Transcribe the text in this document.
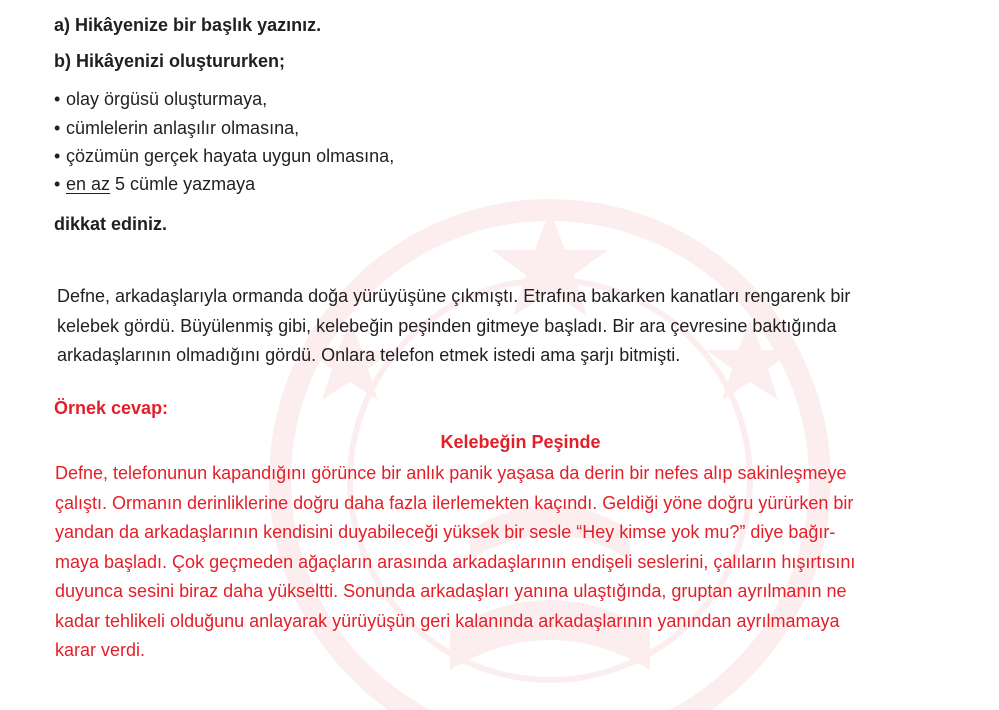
a) Hikâyenize bir başlık yazınız.
b) Hikâyenizi oluştururken;
• olay örgüsü oluşturmaya,
• cümlelerin anlaşılır olmasına,
• çözümün gerçek hayata uygun olmasına,
• en az 5 cümle yazmaya
dikkat ediniz.
Defne, arkadaşlarıyla ormanda doğa yürüyüşüne çıkmıştı. Etrafına bakarken kanatları rengarenk bir
kelebek gördü. Büyülenmiş gibi, kelebeğin peşinden gitmeye başladı. Bir ara çevresine baktığında
arkadaşlarının olmadığını gördü. Onlara telefon etmek istedi ama şarjı bitmişti.
Örnek cevap:
Kelebeğin Peşinde
Defne, telefonunun kapandığını görünce bir anlık panik yaşasa da derin bir nefes alıp sakinleşmeye
çalıştı. Ormanın derinliklerine doğru daha fazla ilerlemekten kaçındı. Geldiği yöne doğru yürürken bir
yandan da arkadaşlarının kendisini duyabileceği yüksek bir sesle “Hey kimse yok mu?” diye bağır-
maya başladı. Çok geçmeden ağaçların arasında arkadaşlarının endişeli seslerini, çalıların hışırtısını
duyunca sesini biraz daha yükseltti. Sonunda arkadaşları yanına ulaştığında, gruptan ayrılmanın ne
kadar tehlikeli olduğunu anlayarak yürüyüşün geri kalanında arkadaşlarının yanından ayrılmamaya
karar verdi.
